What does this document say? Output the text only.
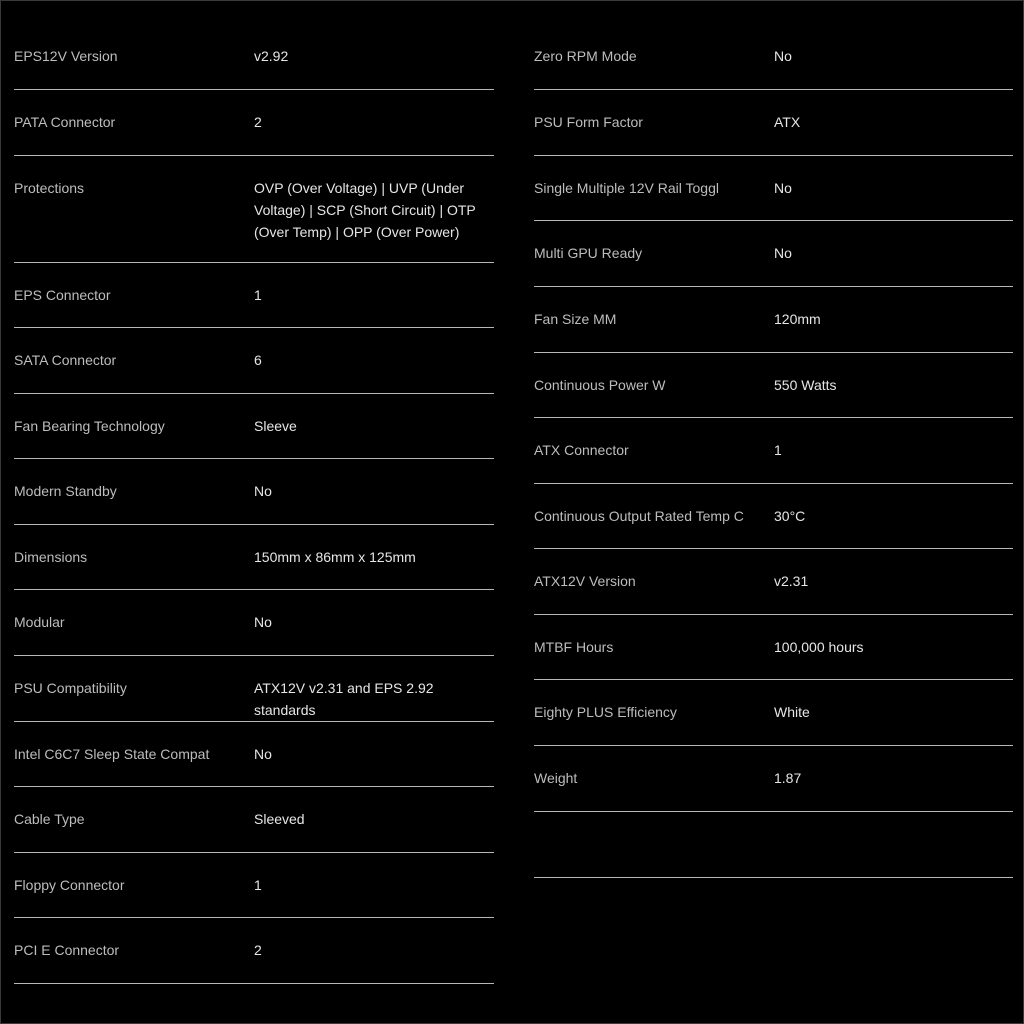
EPS12V Version	v2.92
PATA Connector	2
Protections	OVP (Over Voltage) | UVP (Under Voltage) | SCP (Short Circuit) | OTP (Over Temp) | OPP (Over Power)
EPS Connector	1
SATA Connector	6
Fan Bearing Technology	Sleeve
Modern Standby	No
Dimensions	150mm x 86mm x 125mm
Modular	No
PSU Compatibility	ATX12V v2.31 and EPS 2.92 standards
Intel C6C7 Sleep State Compat	No
Cable Type	Sleeved
Floppy Connector	1
PCI E Connector	2
Zero RPM Mode	No
PSU Form Factor	ATX
Single Multiple 12V Rail Toggl	No
Multi GPU Ready	No
Fan Size MM	120mm
Continuous Power W	550 Watts
ATX Connector	1
Continuous Output Rated Temp C	30°C
ATX12V Version	v2.31
MTBF Hours	100,000 hours
Eighty PLUS Efficiency	White
Weight	1.87
